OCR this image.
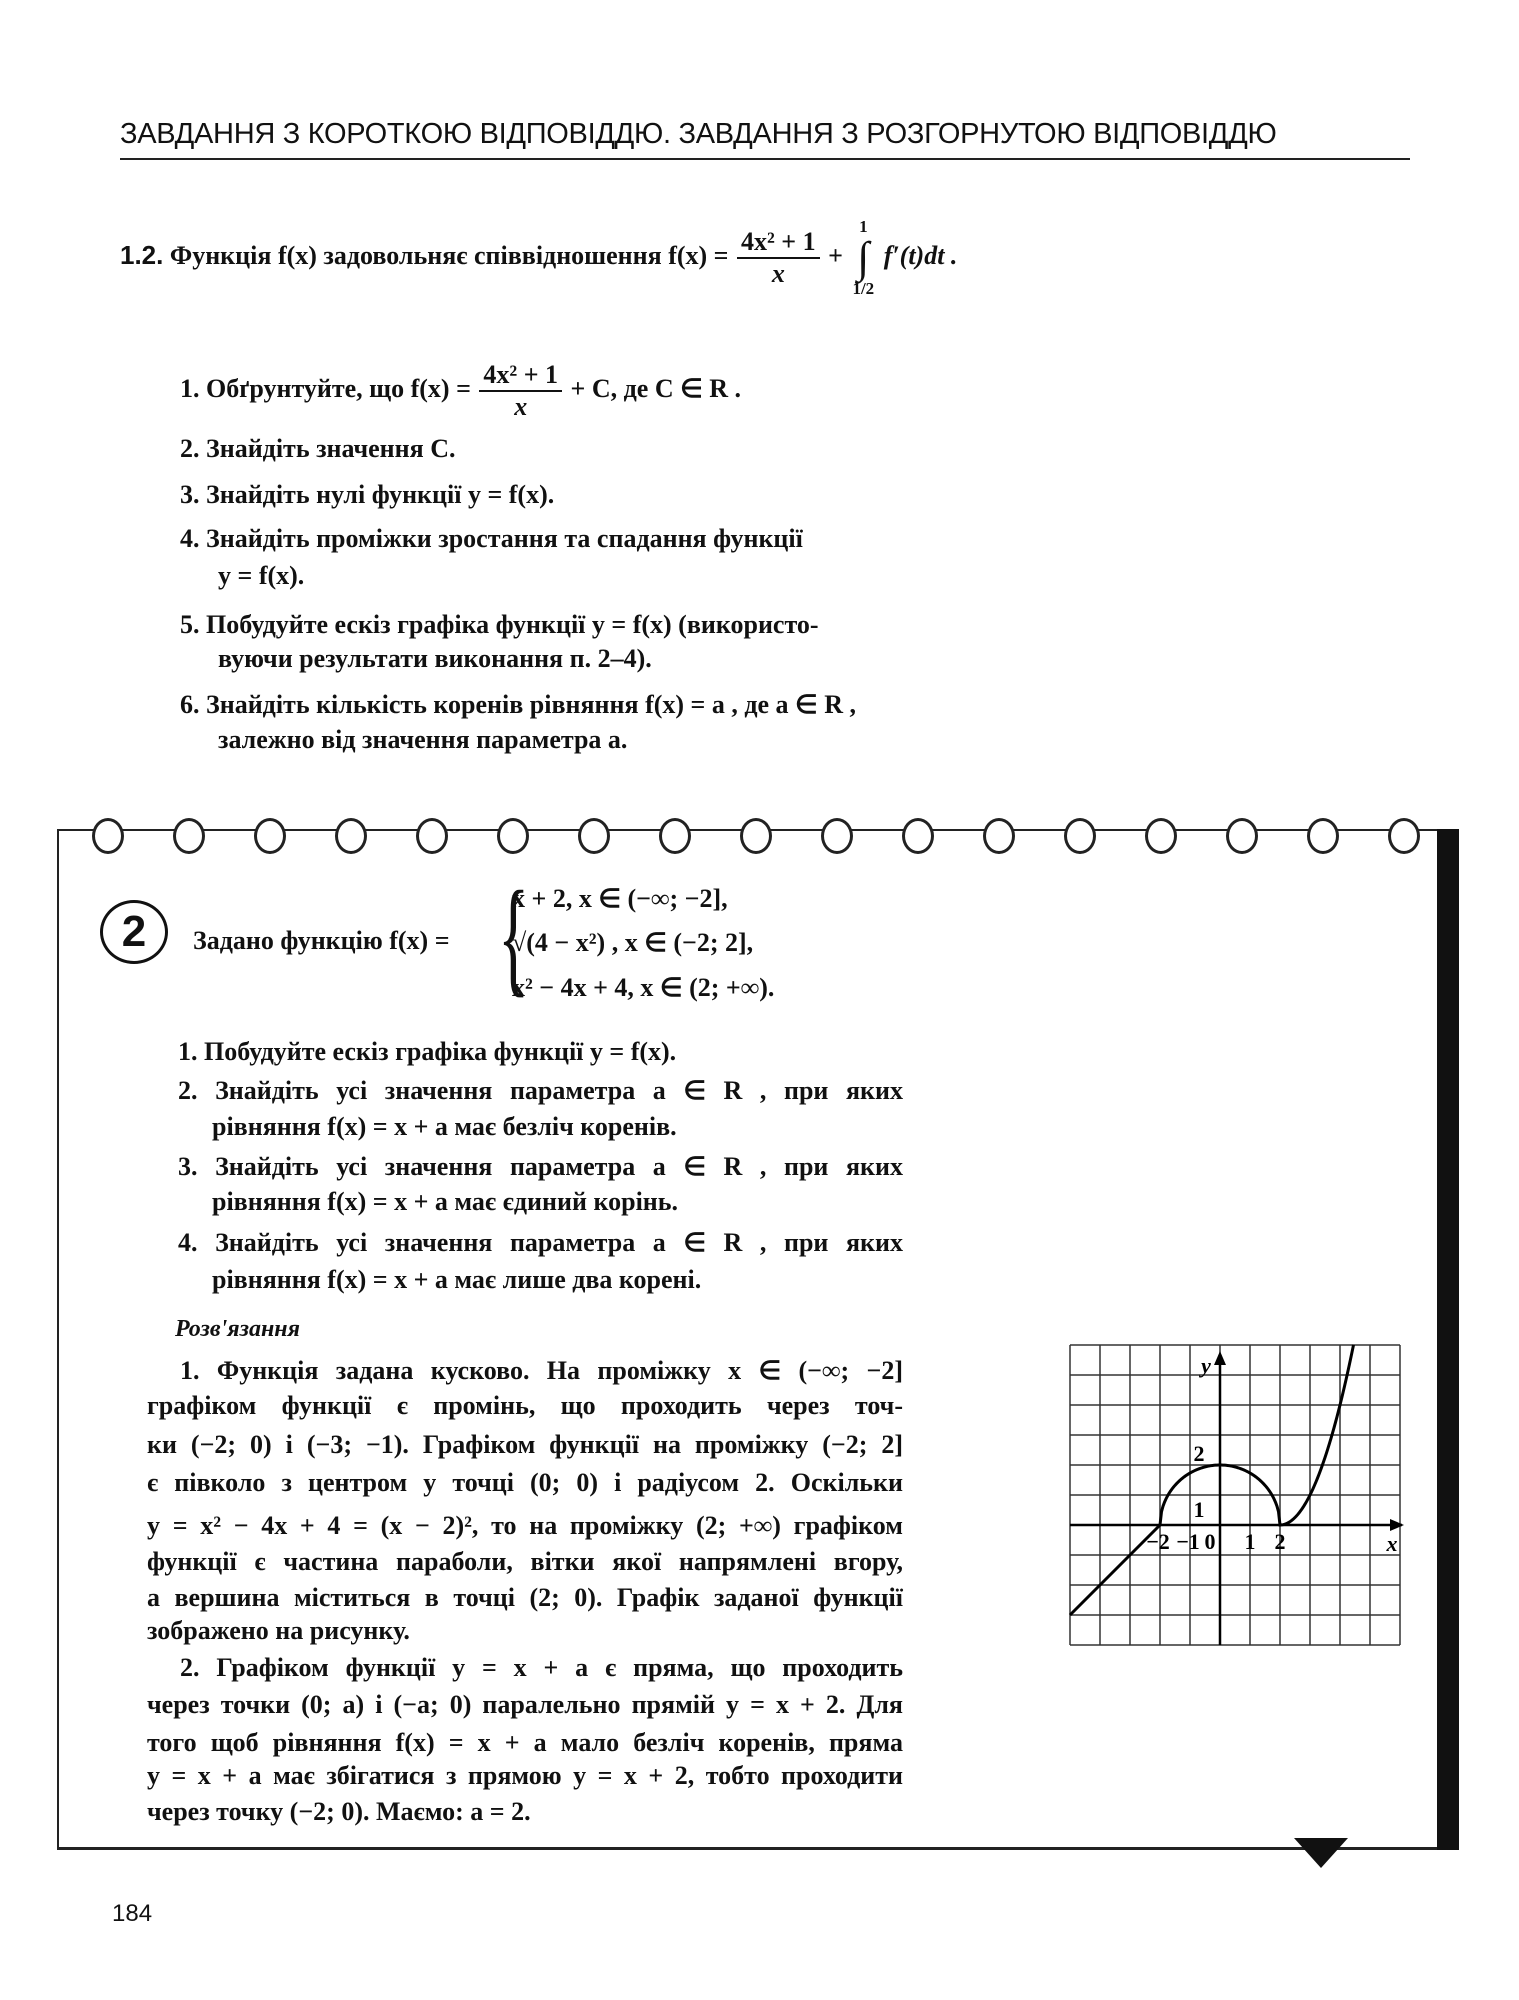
ЗАВДАННЯ З КОРОТКОЮ ВІДПОВІДДЮ. ЗАВДАННЯ З РОЗГОРНУТОЮ ВІДПОВІДДЮ
1.2. Функція f(x) задовольняє співвідношення $f(x) = \frac{\text{4x² + 1}}{x}$ +
1
∫
1/2
f′(t)dt .
1. Обґрунтуйте, що $f(x) = \frac{\text{4x² + 1}}{x} + C$, де C ∈ R .
2. Знайдіть значення C.
3. Знайдіть нулі функції y = f(x).
4. Знайдіть проміжки зростання та спадання функції
y = f(x).
5. Побудуйте ескіз графіка функції y = f(x) (використо-
вуючи результати виконання п. 2–4).
6. Знайдіть кількість коренів рівняння f(x) = a , де a ∈ R ,
залежно від значення параметра a.
2	Задано функцію f(x) = {
x + 2, x ∈ (−∞; −2],
√(4 − x²) , x ∈ (−2; 2],
x² − 4x + 4, x ∈ (2; +∞).
1. Побудуйте ескіз графіка функції y = f(x).
2. Знайдіть усі значення параметра a ∈ R , при яких
рівняння f(x) = x + a має безліч коренів.
3. Знайдіть усі значення параметра a ∈ R , при яких
рівняння f(x) = x + a має єдиний корінь.
4. Знайдіть усі значення параметра a ∈ R , при яких
рівняння f(x) = x + a має лише два корені.
Розв'язання
1. Функція задана кусково. На проміжку x ∈ (−∞; −2]
графіком функції є промінь, що проходить через точ-
ки (−2; 0) і (−3; −1). Графіком функції на проміжку (−2; 2]
є півколо з центром у точці (0; 0) і радіусом 2. Оскільки
y = x² − 4x + 4 = (x − 2)², то на проміжку (2; +∞) графіком
функції є частина параболи, вітки якої напрямлені вгору,
а вершина міститься в точці (2; 0). Графік заданої функції
зображено на рисунку.
2. Графіком функції y = x + a є пряма, що проходить
через точки (0; a) і (−a; 0) паралельно прямій y = x + 2. Для
того щоб рівняння f(x) = x + a мало безліч коренів, пряма
y = x + a має збігатися з прямою y = x + 2, тобто проходити
через точку (−2; 0). Маємо: a = 2.
y
x
−2 −1 0 1 2
1
2
184
